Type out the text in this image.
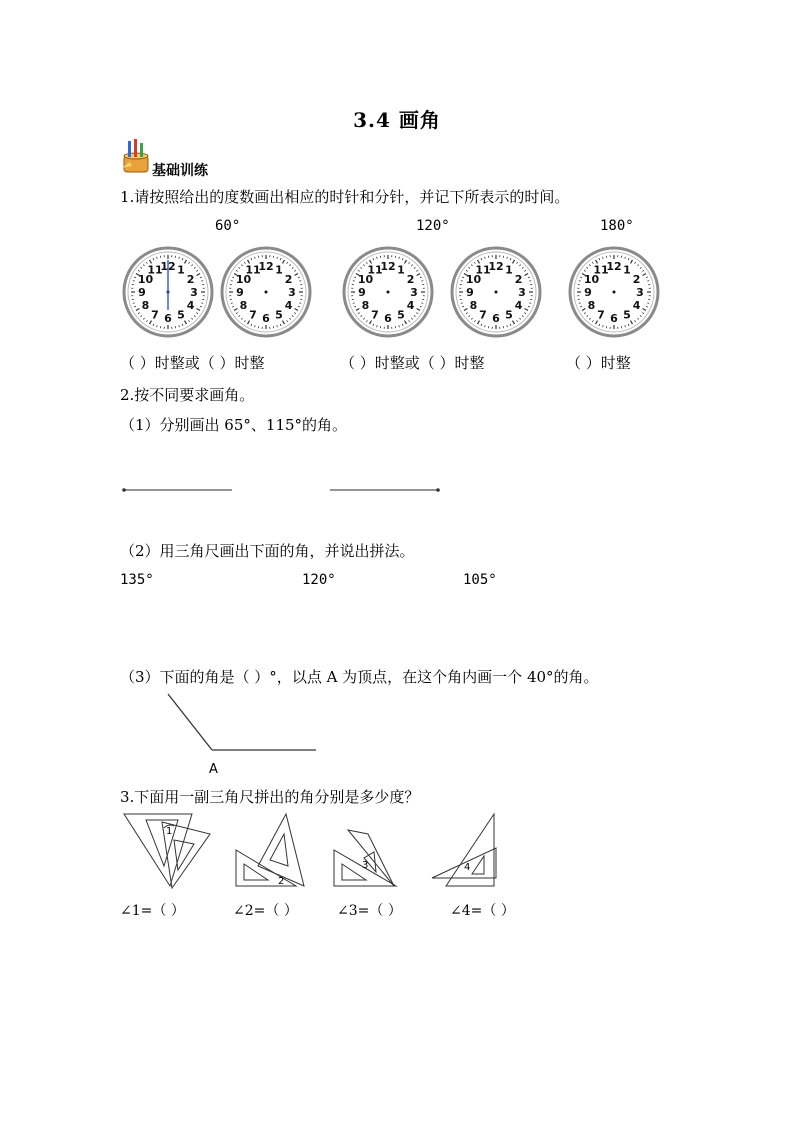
3.4 画角
基础训练
1.请按照给出的度数画出相应的时针和分针，并记下所表示的时间。
60°	120°	180°
12 1
2
3
4
5
6
7
8
9
10
11	12 1
2
3
4
5
6
7
8
9
10
11	12 1
2
3
4
5
6
7
8
9
10
11	12 1
2
3
4
5
6
7
8
9
10
11	12 1
2
3
4
5
6
7
8
9
10
11
（ ）时整或（ ）时整	（ ）时整或（ ）时整	（ ）时整
2.按不同要求画角。
（1）分别画出 65°、115°的角。
（2）用三角尺画出下面的角，并说出拼法。
135°	120°	105°
（3）下面的角是（ ）°，以点 A 为顶点，在这个角内画一个 40°的角。
A
3.下面用一副三角尺拼出的角分别是多少度？
1
2
3	4
∠1=（ ）	∠2=（ ）	∠3=（ ）	∠4=（ ）
